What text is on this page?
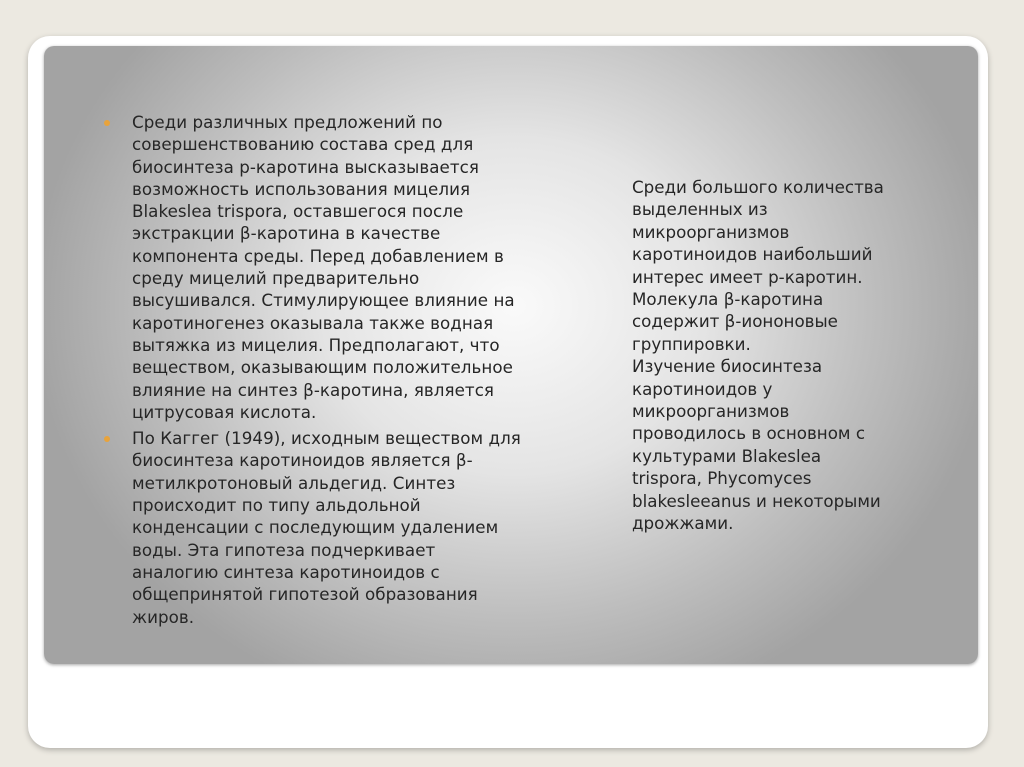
Среди различных предложений по
совершенствованию состава сред для
биосинтеза р-каротина высказывается
возможность использования мицелия
Blakeslea trispora, оставшегося после
экстракции β-каротина в качестве
компонента среды. Перед добавлением в
среду мицелий предварительно
высушивался. Стимулирующее влияние на
каротиногенез оказывала также водная
вытяжка из мицелия. Предполагают, что
веществом, оказывающим положительное
влияние на синтез β-каротина, является
цитрусовая кислота.
По Каггег (1949), исходным веществом для
биосинтеза каротиноидов является β-
метилкротоновый альдегид. Синтез
происходит по типу альдольной
конденсации с последующим удалением
воды. Эта гипотеза подчеркивает
аналогию синтеза каротиноидов с
общепринятой гипотезой образования
жиров.

Среди большого количества
выделенных из
микроорганизмов
каротиноидов наибольший
интерес имеет р-каротин.
Молекула β-каротина
содержит β-иононовые
группировки.
Изучение биосинтеза
каротиноидов у
микроорганизмов
проводилось в основном с
культурами Blakeslea
trispora, Phycomyces
blakesleeanus и некоторыми
дрожжами.
